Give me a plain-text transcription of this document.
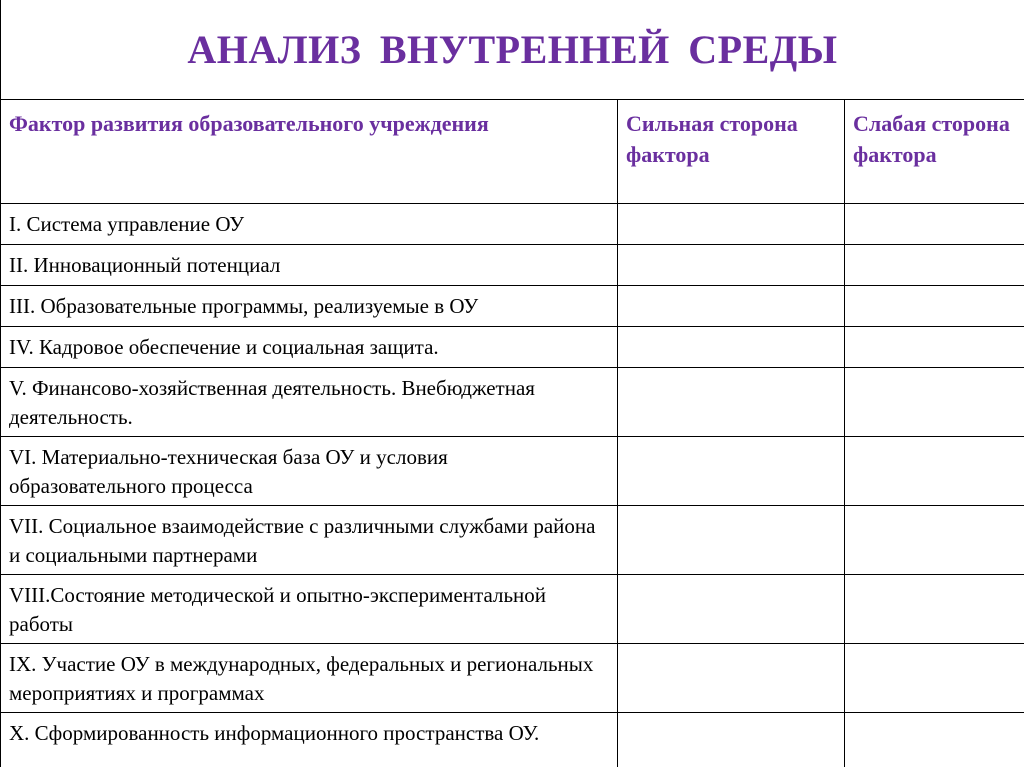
АНАЛИЗ ВНУТРЕННЕЙ СРЕДЫ
Фактор развития образовательного учреждения	Сильная сторона фактора	Слабая сторона фактора
I. Система управление ОУ		
II. Инновационный потенциал		
III. Образовательные программы, реализуемые в ОУ		
IV. Кадровое обеспечение и социальная защита.		
V. Финансово-хозяйственная деятельность. Внебюджетная деятельность.		
VI. Материально-техническая база ОУ и условия образовательного процесса		
VII. Социальное взаимодействие с различными службами района и социальными партнерами		
VIII.Состояние методической и опытно-экспериментальной работы		
IX. Участие ОУ в международных, федеральных и региональных мероприятиях и программах		
X. Сформированность информационного пространства ОУ.		
